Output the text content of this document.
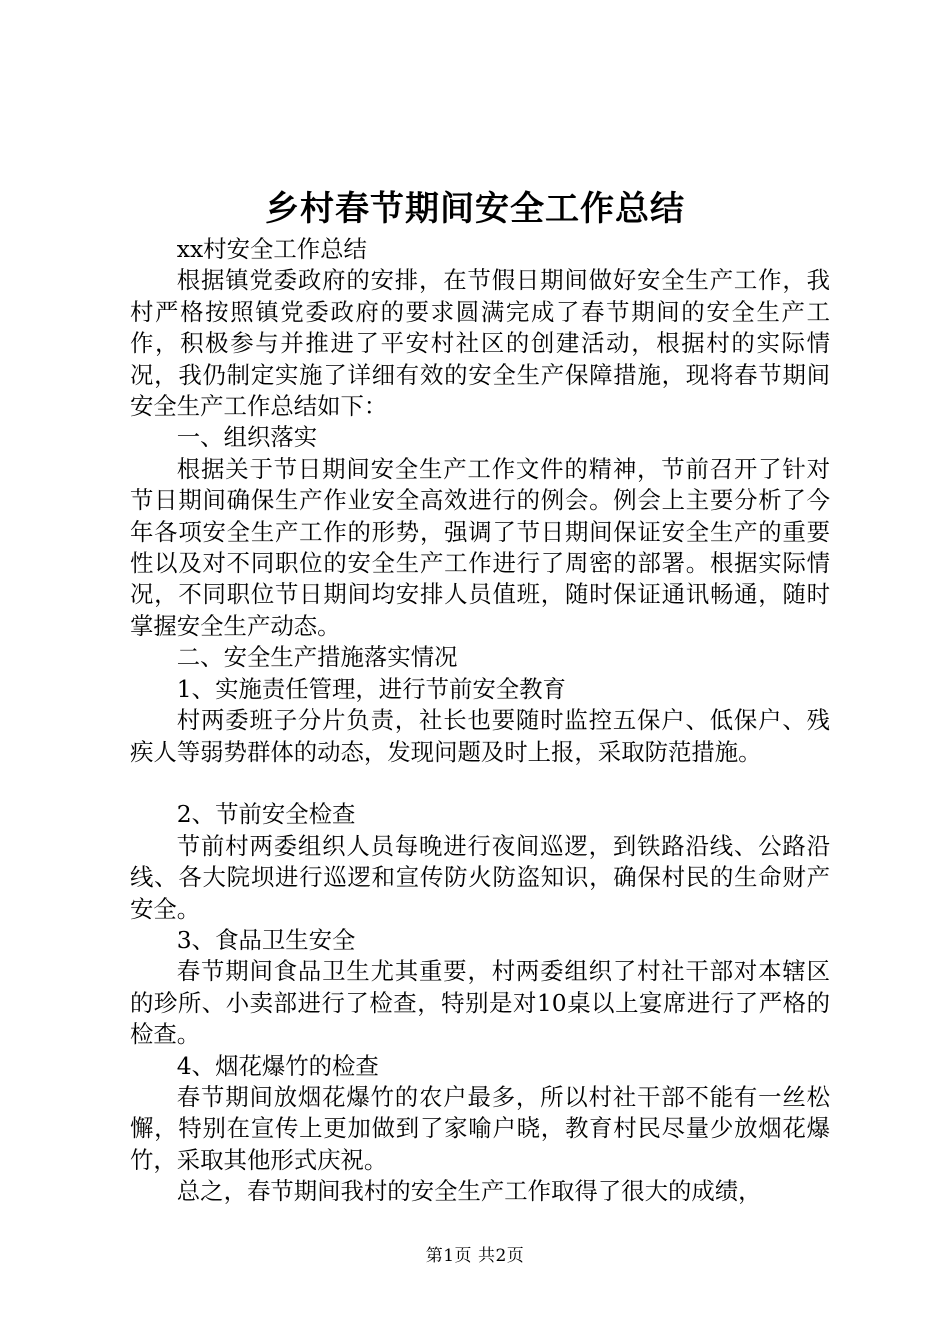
乡村春节期间安全工作总结

xx村安全工作总结

根据镇党委政府的安排，在节假日期间做好安全生产工作，我村严格按照镇党委政府的要求圆满完成了春节期间的安全生产工作，积极参与并推进了平安村社区的创建活动，根据村的实际情况，我仍制定实施了详细有效的安全生产保障措施，现将春节期间安全生产工作总结如下：

一、组织落实

根据关于节日期间安全生产工作文件的精神，节前召开了针对节日期间确保生产作业安全高效进行的例会。例会上主要分析了今年各项安全生产工作的形势，强调了节日期间保证安全生产的重要性以及对不同职位的安全生产工作进行了周密的部署。根据实际情况，不同职位节日期间均安排人员值班，随时保证通讯畅通，随时掌握安全生产动态。

二、安全生产措施落实情况

1、实施责任管理，进行节前安全教育

村两委班子分片负责，社长也要随时监控五保户、低保户、残疾人等弱势群体的动态，发现问题及时上报，采取防范措施。

2、节前安全检查

节前村两委组织人员每晚进行夜间巡逻，到铁路沿线、公路沿线、各大院坝进行巡逻和宣传防火防盗知识，确保村民的生命财产安全。

3、食品卫生安全

春节期间食品卫生尤其重要，村两委组织了村社干部对本辖区的珍所、小卖部进行了检查，特别是对10桌以上宴席进行了严格的检查。

4、烟花爆竹的检查

春节期间放烟花爆竹的农户最多，所以村社干部不能有一丝松懈，特别在宣传上更加做到了家喻户晓，教育村民尽量少放烟花爆竹，采取其他形式庆祝。

总之，春节期间我村的安全生产工作取得了很大的成绩，

第1页 共2页
